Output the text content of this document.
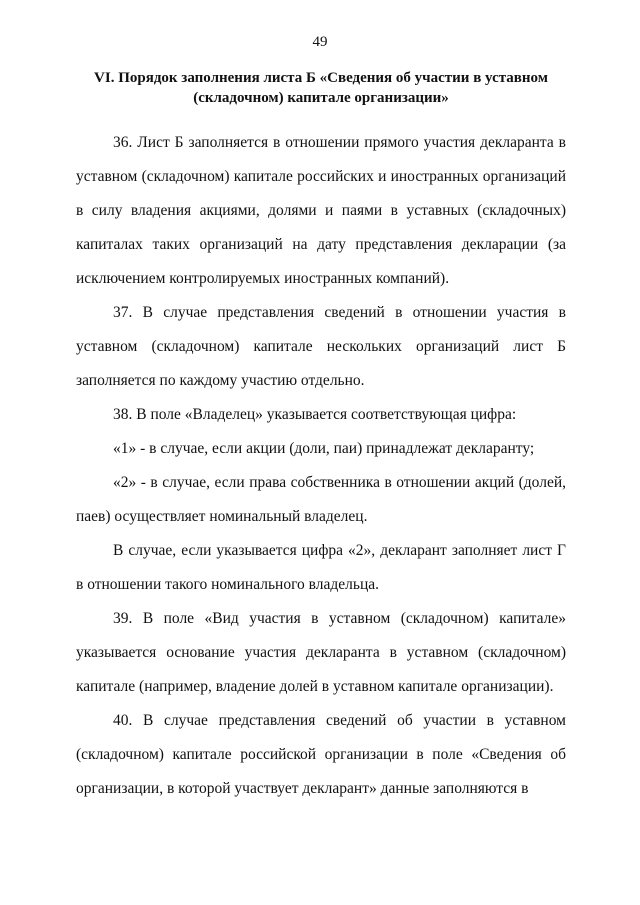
49
VI. Порядок заполнения листа Б «Сведения об участии в уставном
(складочном) капитале организации»

36. Лист Б заполняется в отношении прямого участия декларанта в уставном (складочном) капитале российских и иностранных организаций в силу владения акциями, долями и паями в уставных (складочных) капиталах таких организаций на дату представления декларации (за исключением контролируемых иностранных компаний).

37. В случае представления сведений в отношении участия в уставном (складочном) капитале нескольких организаций лист Б заполняется по каждому участию отдельно.

38. В поле «Владелец» указывается соответствующая цифра:

«1» - в случае, если акции (доли, паи) принадлежат декларанту;

«2» - в случае, если права собственника в отношении акций (долей, паев) осуществляет номинальный владелец.

В случае, если указывается цифра «2», декларант заполняет лист Г в отношении такого номинального владельца.

39. В поле «Вид участия в уставном (складочном) капитале» указывается основание участия декларанта в уставном (складочном) капитале (например, владение долей в уставном капитале организации).

40. В случае представления сведений об участии в уставном (складочном) капитале российской организации в поле «Сведения об организации, в которой участвует декларант» данные заполняются в
